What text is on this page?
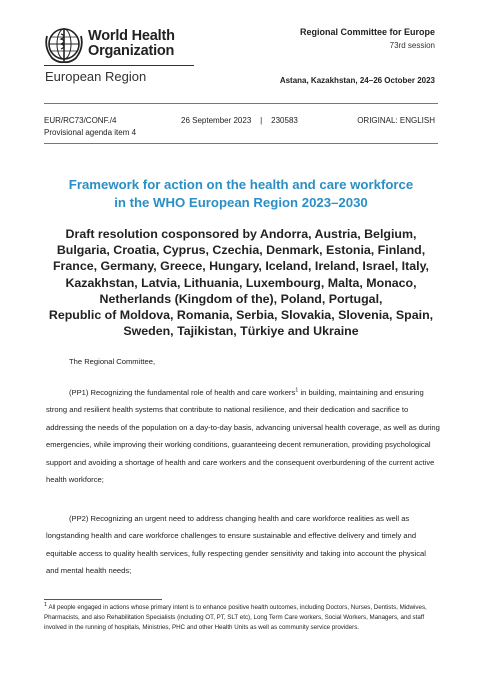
World Health
Organization
European Region
Regional Committee for Europe
73rd session
Astana, Kazakhstan, 24–26 October 2023
EUR/RC73/CONF./4	26 September 2023 | 230583	ORIGINAL: ENGLISH
Provisional agenda item 4
Framework for action on the health and care workforce
in the WHO European Region 2023–2030
Draft resolution cosponsored by Andorra, Austria, Belgium,
Bulgaria, Croatia, Cyprus, Czechia, Denmark, Estonia, Finland,
France, Germany, Greece, Hungary, Iceland, Ireland, Israel, Italy,
Kazakhstan, Latvia, Lithuania, Luxembourg, Malta, Monaco,
Netherlands (Kingdom of the), Poland, Portugal,
Republic of Moldova, Romania, Serbia, Slovakia, Slovenia, Spain,
Sweden, Tajikistan, Türkiye and Ukraine
The Regional Committee,
(PP1) Recognizing the fundamental role of health and care workers$^1$ in building, maintaining and ensuring strong and resilient health systems that contribute to national resilience, and their dedication and sacrifice to addressing the needs of the population on a day-to-day basis, advancing universal health coverage, as well as during emergencies, while improving their working conditions, guaranteeing decent remuneration, providing psychological support and avoiding a shortage of health and care workers and the consequent overburdening of the current active health workforce;
(PP2) Recognizing an urgent need to address changing health and care workforce realities as well as longstanding health and care workforce challenges to ensure sustainable and effective delivery and timely and equitable access to quality health services, fully respecting gender sensitivity and taking into account the physical and mental health needs;
$^1$ All people engaged in actions whose primary intent is to enhance positive health outcomes, including Doctors, Nurses, Dentists, Midwives, Pharmacists, and also Rehabilitation Specialists (including OT, PT, SLT etc), Long Term Care workers, Social Workers, Managers, and staff involved in the running of hospitals, Ministries, PHC and other Health Units as well as community service providers.
